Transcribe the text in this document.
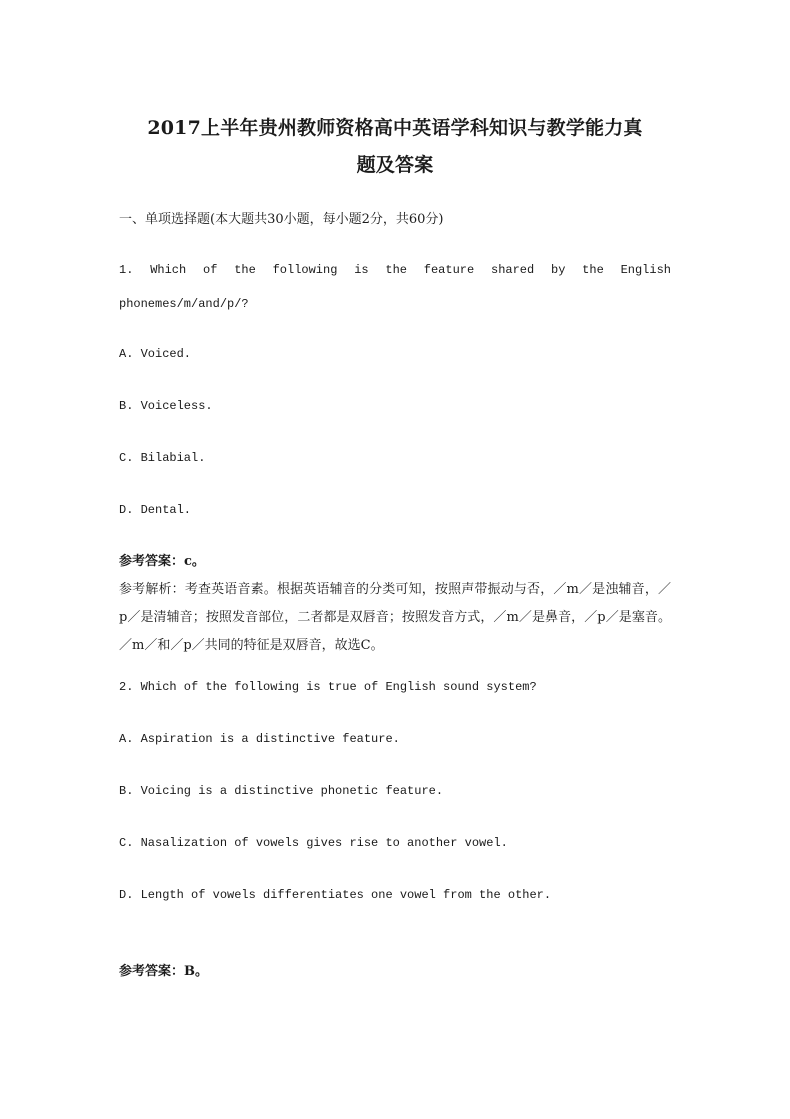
2017上半年贵州教师资格高中英语学科知识与教学能力真
题及答案
一、单项选择题(本大题共30小题，每小题2分，共60分)
1. Which of the following is the feature shared by the English
phonemes/m/and/p/?
A. Voiced.
B. Voiceless.
C. Bilabial.
D. Dental.
参考答案：c。
参考解析：考查英语音素。根据英语辅音的分类可知，按照声带振动与否，／m／是浊辅音，／p／是清辅音；按照发音部位，二者都是双唇音；按照发音方式，／m／是鼻音，／p／是塞音。／m／和／p／共同的特征是双唇音，故选C。
2. Which of the following is true of English sound system?
A. Aspiration is a distinctive feature.
B. Voicing is a distinctive phonetic feature.
C. Nasalization of vowels gives rise to another vowel.
D. Length of vowels differentiates one vowel from the other.
参考答案：B。
